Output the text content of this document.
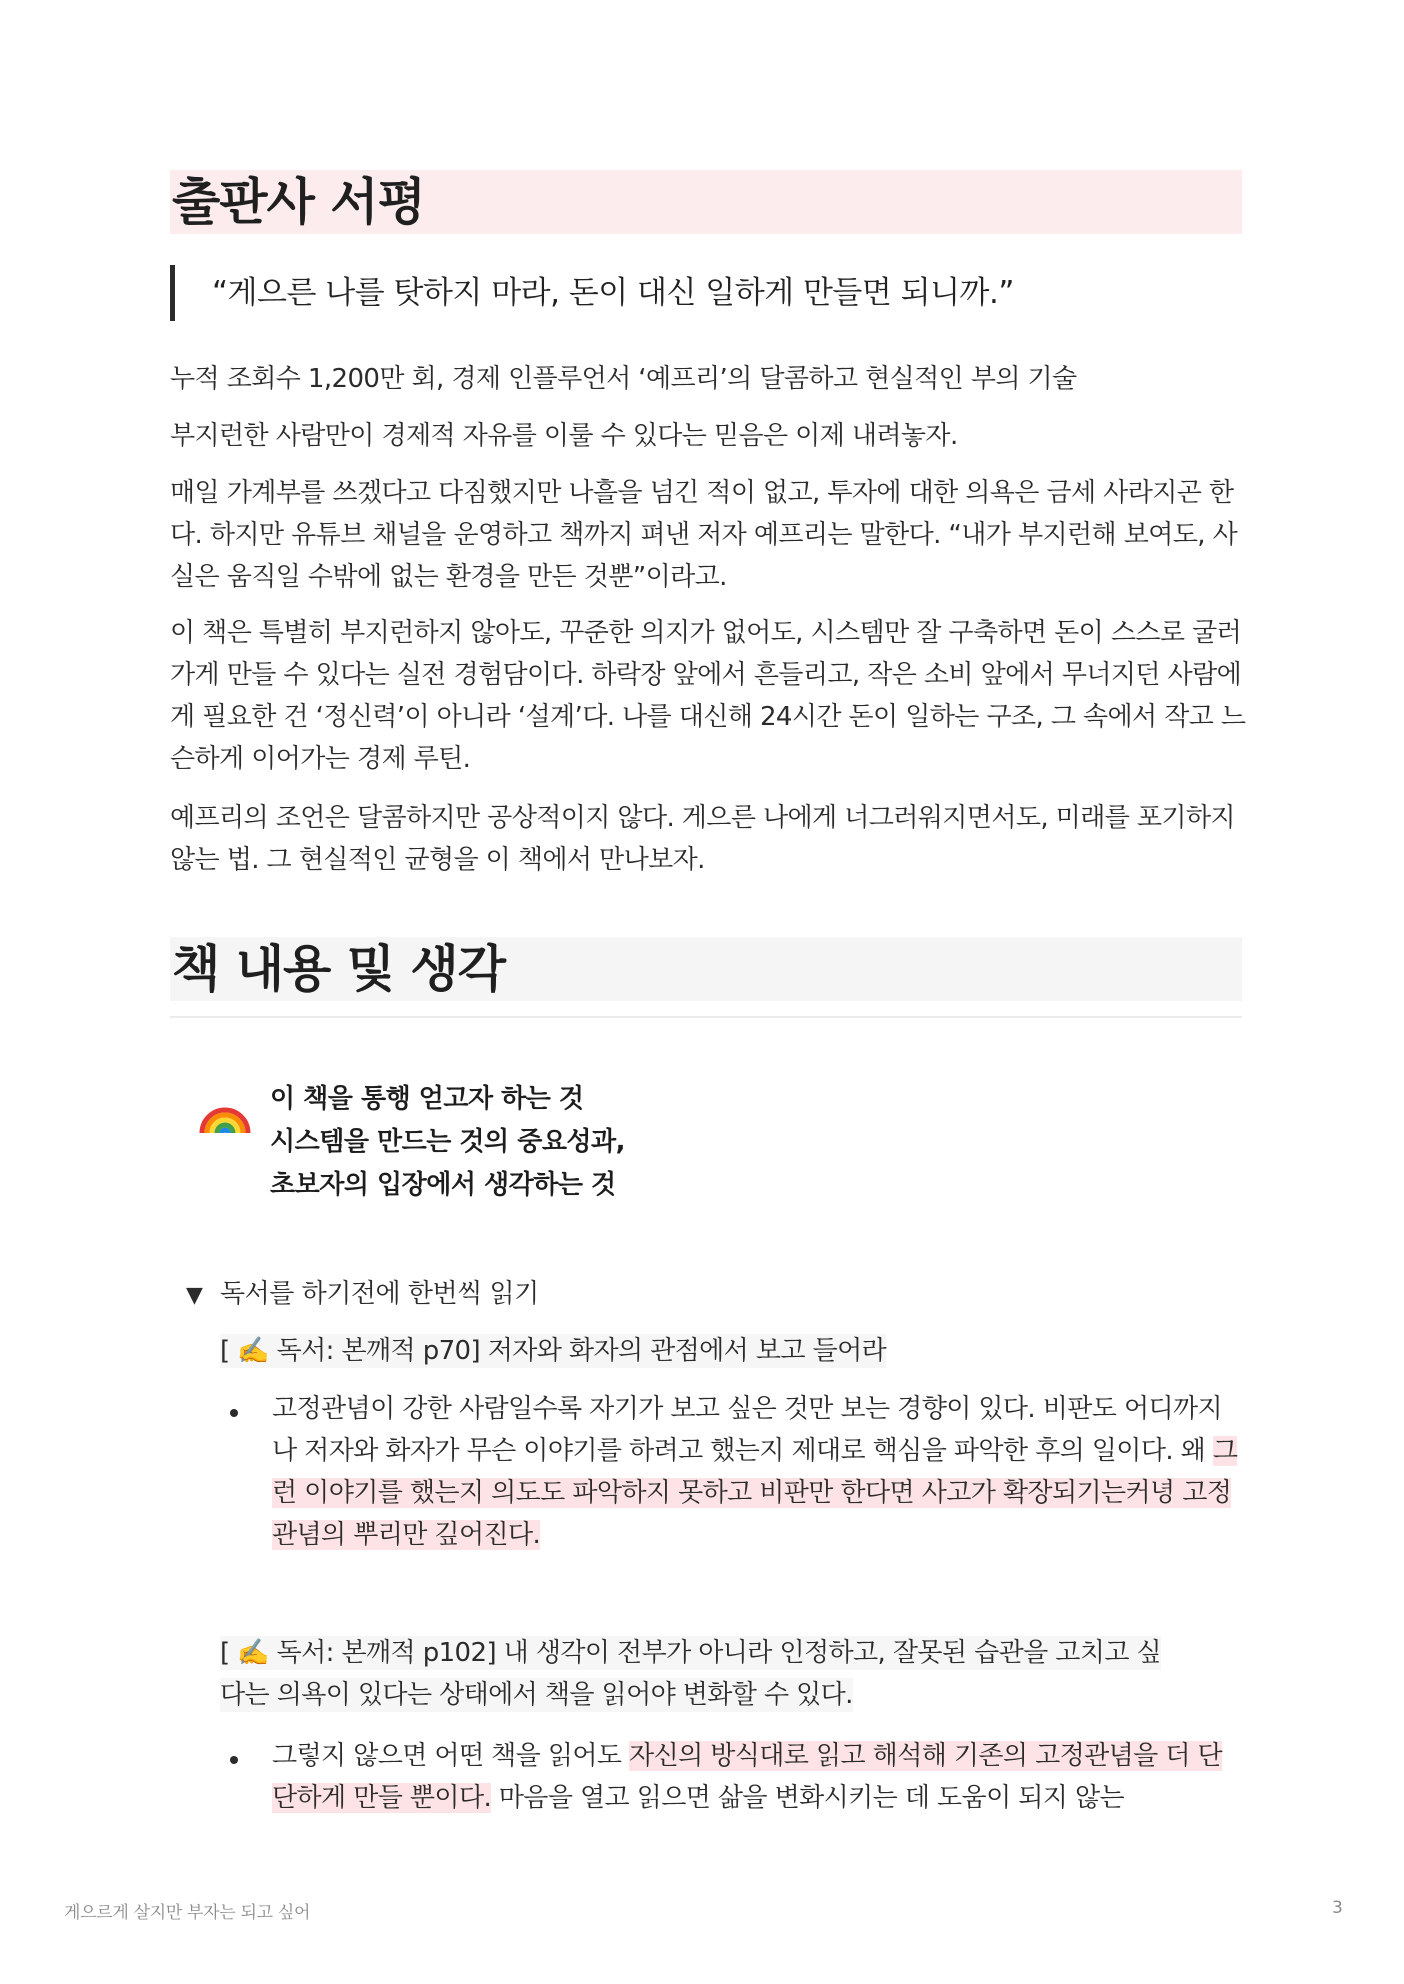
출판사 서평
“게으른 나를 탓하지 마라, 돈이 대신 일하게 만들면 되니까.”

누적 조회수 1,200만 회, 경제 인플루언서 ‘예프리’의 달콤하고 현실적인 부의 기술

부지런한 사람만이 경제적 자유를 이룰 수 있다는 믿음은 이제 내려놓자.

매일 가계부를 쓰겠다고 다짐했지만 나흘을 넘긴 적이 없고, 투자에 대한 의욕은 금세 사라지곤 한다. 하지만 유튜브 채널을 운영하고 책까지 펴낸 저자 예프리는 말한다. “내가 부지런해 보여도, 사실은 움직일 수밖에 없는 환경을 만든 것뿐”이라고.

이 책은 특별히 부지런하지 않아도, 꾸준한 의지가 없어도, 시스템만 잘 구축하면 돈이 스스로 굴러가게 만들 수 있다는 실전 경험담이다. 하락장 앞에서 흔들리고, 작은 소비 앞에서 무너지던 사람에게 필요한 건 ‘정신력’이 아니라 ‘설계’다. 나를 대신해 24시간 돈이 일하는 구조, 그 속에서 작고 느슨하게 이어가는 경제 루틴.

예프리의 조언은 달콤하지만 공상적이지 않다. 게으른 나에게 너그러워지면서도, 미래를 포기하지 않는 법. 그 현실적인 균형을 이 책에서 만나보자.

책 내용 및 생각
이 책을 통행 얻고자 하는 것
시스템을 만드는 것의 중요성과,
초보자의 입장에서 생각하는 것
▼ 독서를 하기전에 한번씩 읽기
[ ✍️ 독서: 본깨적 p70] 저자와 화자의 관점에서 보고 들어라

고정관념이 강한 사람일수록 자기가 보고 싶은 것만 보는 경향이 있다. 비판도 어디까지나 저자와 화자가 무슨 이야기를 하려고 했는지 제대로 핵심을 파악한 후의 일이다. 왜 그런 이야기를 했는지 의도도 파악하지 못하고 비판만 한다면 사고가 확장되기는커녕 고정관념의 뿌리만 깊어진다.

[ ✍️ 독서: 본깨적 p102] 내 생각이 전부가 아니라 인정하고, 잘못된 습관을 고치고 싶
다는 의욕이 있다는 상태에서 책을 읽어야 변화할 수 있다.

그렇지 않으면 어떤 책을 읽어도 자신의 방식대로 읽고 해석해 기존의 고정관념을 더 단단하게 만들 뿐이다. 마음을 열고 읽으면 삶을 변화시키는 데 도움이 되지 않는

게으르게 살지만 부자는 되고 싶어	3
